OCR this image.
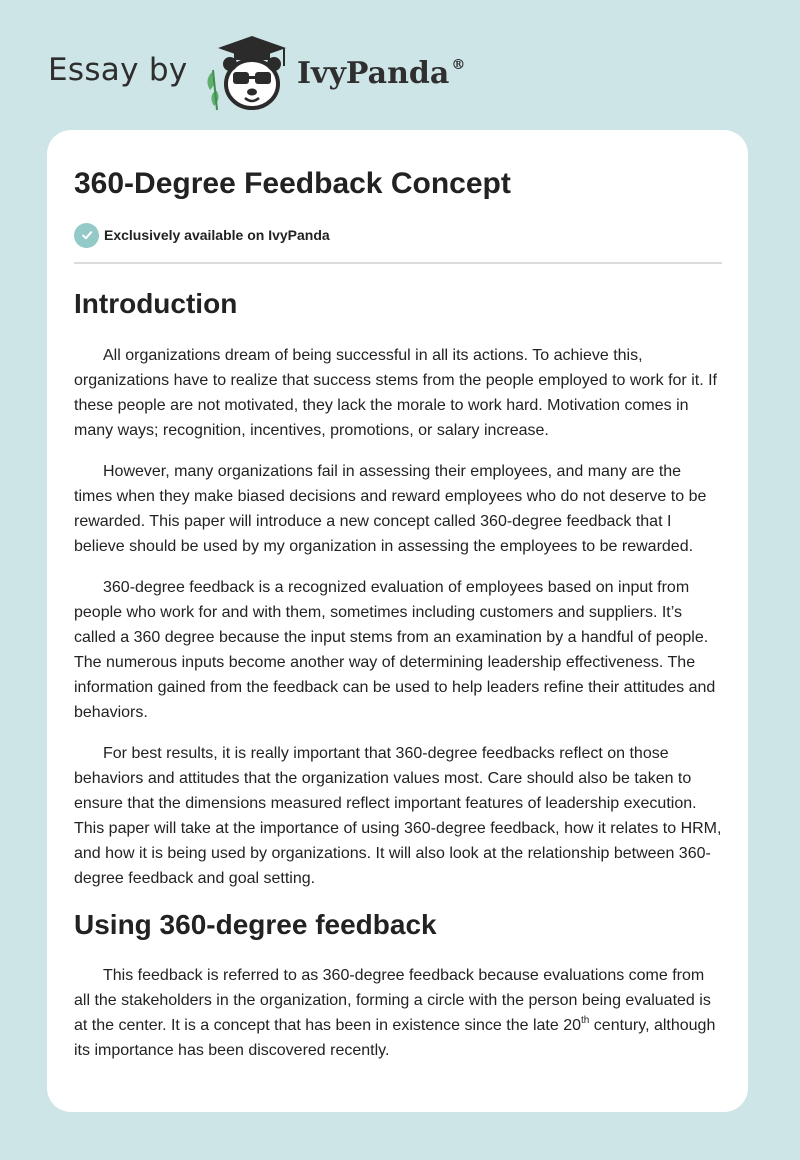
Essay by	IvyPanda ®
360-Degree Feedback Concept
Exclusively available on IvyPanda
Introduction

All organizations dream of being successful in all its actions. To achieve this, organizations have to realize that success stems from the people employed to work for it. If these people are not motivated, they lack the morale to work hard. Motivation comes in many ways; recognition, incentives, promotions, or salary increase.

However, many organizations fail in assessing their employees, and many are the times when they make biased decisions and reward employees who do not deserve to be rewarded. This paper will introduce a new concept called 360-degree feedback that I believe should be used by my organization in assessing the employees to be rewarded.

360-degree feedback is a recognized evaluation of employees based on input from people who work for and with them, sometimes including customers and suppliers. It’s called a 360 degree because the input stems from an examination by a handful of people. The numerous inputs become another way of determining leadership effectiveness. The information gained from the feedback can be used to help leaders refine their attitudes and behaviors.

For best results, it is really important that 360-degree feedbacks reflect on those behaviors and attitudes that the organization values most. Care should also be taken to ensure that the dimensions measured reflect important features of leadership execution. This paper will take at the importance of using 360-degree feedback, how it relates to HRM, and how it is being used by organizations. It will also look at the relationship between 360-degree feedback and goal setting.

Using 360-degree feedback

This feedback is referred to as 360-degree feedback because evaluations come from all the stakeholders in the organization, forming a circle with the person being evaluated is at the center. It is a concept that has been in existence since the late 20th century, although its importance has been discovered recently.
